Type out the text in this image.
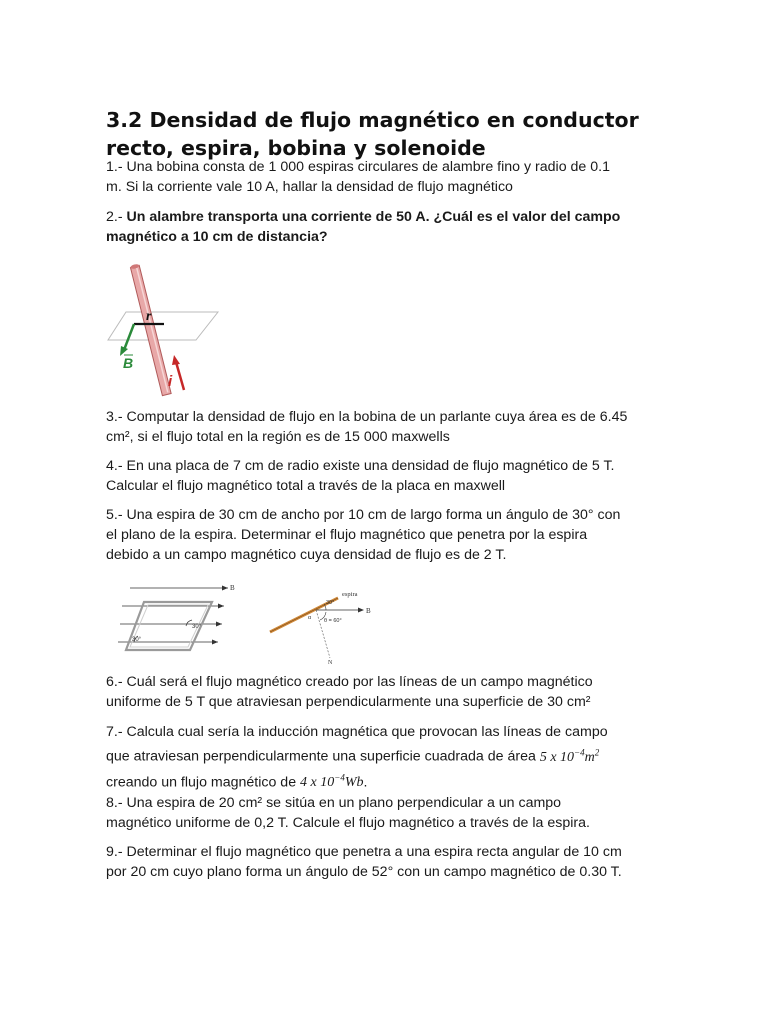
3.2 Densidad de flujo magnético en conductor
recto, espira, bobina y solenoide

1.- Una bobina consta de 1 000 espiras circulares de alambre fino y radio de 0.1
m. Si la corriente vale 10 A, hallar la densidad de flujo magnético

2.- Un alambre transporta una corriente de 50 A. ¿Cuál es el valor del campo
magnético a 10 cm de distancia?

r
B
i

3.- Computar la densidad de flujo en la bobina de un parlante cuya área es de 6.45
cm², si el flujo total en la región es de 15 000 maxwells

4.- En una placa de 7 cm de radio existe una densidad de flujo magnético de 5 T.
Calcular el flujo magnético total a través de la placa en maxwell

5.- Una espira de 30 cm de ancho por 10 cm de largo forma un ángulo de 30° con
el plano de la espira. Determinar el flujo magnético que penetra por la espira
debido a un campo magnético cuya densidad de flujo es de 2 T.

B
30°
30°
espira
B
N
30°
θ = 60°
α

6.- Cuál será el flujo magnético creado por las líneas de un campo magnético
uniforme de 5 T que atraviesan perpendicularmente una superficie de 30 cm²

7.- Calcula cual sería la inducción magnética que provocan las líneas de campo
que atraviesan perpendicularmente una superficie cuadrada de área 5 x $10^{-4}m^2$
creando un flujo magnético de 4 x $10^{-4}Wb$.

8.- Una espira de 20 cm² se sitúa en un plano perpendicular a un campo
magnético uniforme de 0,2 T. Calcule el flujo magnético a través de la espira.

9.- Determinar el flujo magnético que penetra a una espira recta angular de 10 cm
por 20 cm cuyo plano forma un ángulo de 52° con un campo magnético de 0.30 T.
